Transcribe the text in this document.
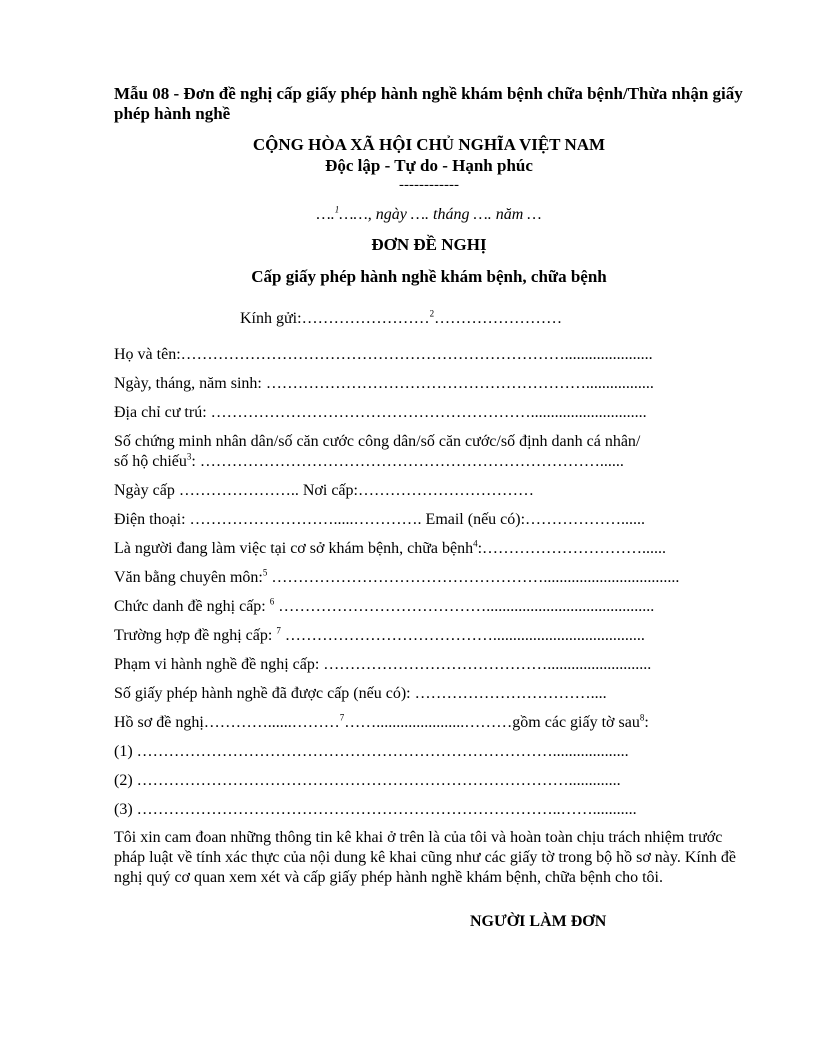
Mẫu 08 - Đơn đề nghị cấp giấy phép hành nghề khám bệnh chữa bệnh/Thừa nhận giấy phép hành nghề

CỘNG HÒA XÃ HỘI CHỦ NGHĨA VIỆT NAM
Độc lập - Tự do - Hạnh phúc
------------
….$^1$……, ngày …. tháng …. năm …
ĐƠN ĐỀ NGHỊ
Cấp giấy phép hành nghề khám bệnh, chữa bệnh
Kính gửi:……………………$^2$……………………
Họ và tên:………………………………………………………………......................
Ngày, tháng, năm sinh: …………………………………………………….................
Địa chỉ cư trú: …………………………………………………….............................
Số chứng minh nhân dân/số căn cước công dân/số căn cước/số định danh cá nhân/
số hộ chiếu$^3$: …………………………………………………………………......
Ngày cấp ………………….. Nơi cấp:……………………………
Điện thoại: ……………………….....…………. Email (nếu có):………………......
Là người đang làm việc tại cơ sở khám bệnh, chữa bệnh$^4$:…………………………......
Văn bằng chuyên môn:$^5$ ……………………………………………..................................
Chức danh đề nghị cấp: $^6$ …………………………………..........................................
Trường hợp đề nghị cấp: $^7$ …………………………………......................................
Phạm vi hành nghề đề nghị cấp: ……………………………………..........................
Số giấy phép hành nghề đã được cấp (nếu có): ……………………………....
Hồ sơ đề nghị…………......………$^7$……......................………gồm các giấy tờ sau$^8$:
(1) ……………………………………………………………………...................
(2) ……………………………………………………………………….............
(3) ……………………………………………………………………..……...........

Tôi xin cam đoan những thông tin kê khai ở trên là của tôi và hoàn toàn chịu trách nhiệm trước pháp luật về tính xác thực của nội dung kê khai cũng như các giấy tờ trong bộ hồ sơ này. Kính đề nghị quý cơ quan xem xét và cấp giấy phép hành nghề khám bệnh, chữa bệnh cho tôi.

NGƯỜI LÀM ĐƠN
